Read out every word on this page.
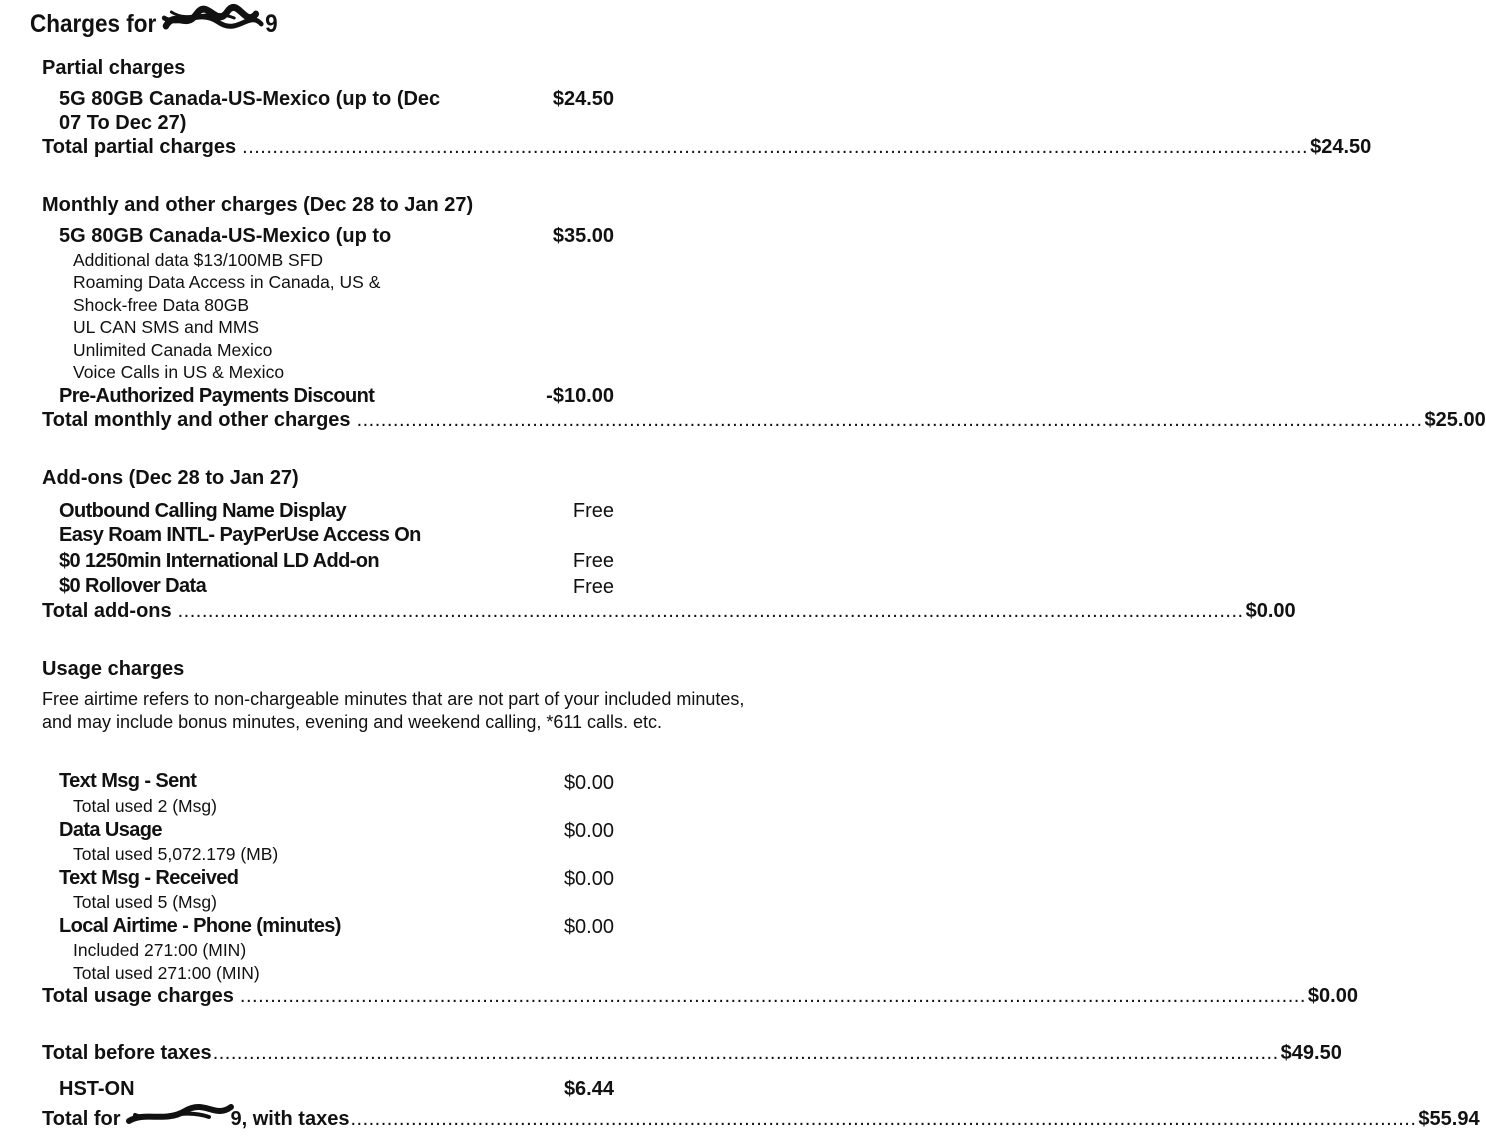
Charges for	9
Partial charges
5G 80GB Canada-US-Mexico (up to (Dec
07 To Dec 27)
$24.50
Total partial charges ................................................................................................................................................................................ $24.50
Monthly and other charges (Dec 28 to Jan 27)
5G 80GB Canada-US-Mexico (up to	$35.00
Additional data $13/100MB SFD
Roaming Data Access in Canada, US &
Shock-free Data 80GB
UL CAN SMS and MMS
Unlimited Canada Mexico
Voice Calls in US & Mexico
Pre-Authorized Payments Discount	-$10.00
Total monthly and other charges ................................................................................................................................................................................ $25.00
Add-ons (Dec 28 to Jan 27)
Outbound Calling Name Display	Free
Easy Roam INTL- PayPerUse Access On
$0 1250min International LD Add-on	Free
$0 Rollover Data	Free
Total add-ons ................................................................................................................................................................................ $0.00
Usage charges
Free airtime refers to non-chargeable minutes that are not part of your included minutes,
and may include bonus minutes, evening and weekend calling, *611 calls. etc.
Text Msg - Sent	$0.00
Total used 2 (Msg)
Data Usage	$0.00
Total used 5,072.179 (MB)
Text Msg - Received	$0.00
Total used 5 (Msg)
Local Airtime - Phone (minutes)	$0.00
Included 271:00 (MIN)
Total used 271:00 (MIN)
Total usage charges ................................................................................................................................................................................ $0.00
Total before taxes ................................................................................................................................................................................ $49.50
HST-ON	$6.44
Total for	9 , with taxes ................................................................................................................................................................................ $55.94
